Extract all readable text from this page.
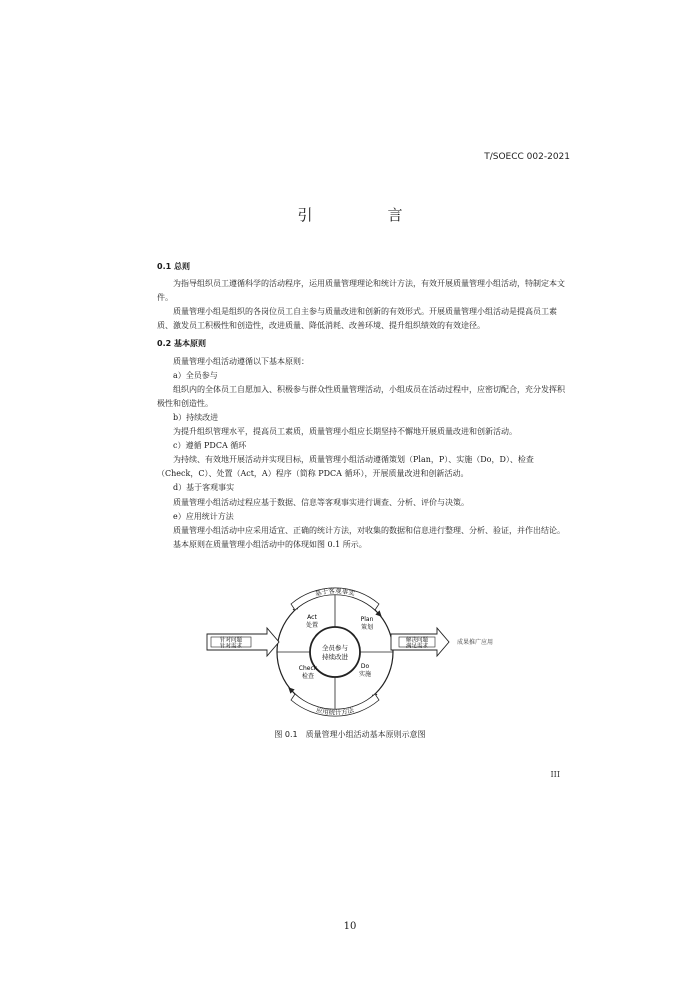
T/SOECC 002-2021
引　言

0.1 总则

为指导组织员工遵循科学的活动程序，运用质量管理理论和统计方法，有效开展质量管理小组活动，特制定本文件。

质量管理小组是组织的各岗位员工自主参与质量改进和创新的有效形式。开展质量管理小组活动是提高员工素质、激发员工积极性和创造性，改进质量、降低消耗、改善环境、提升组织绩效的有效途径。

0.2 基本原则

质量管理小组活动遵循以下基本原则：

a）全员参与

组织内的全体员工自愿加入、积极参与群众性质量管理活动，小组成员在活动过程中，应密切配合，充分发挥积极性和创造性。

b）持续改进

为提升组织管理水平，提高员工素质，质量管理小组应长期坚持不懈地开展质量改进和创新活动。

c）遵循 PDCA 循环

为持续、有效地开展活动并实现目标，质量管理小组活动遵循策划（Plan，P）、实施（Do，D）、检查（Check，C）、处置（Act，A）程序（简称 PDCA 循环），开展质量改进和创新活动。

d）基于客观事实

质量管理小组活动过程应基于数据、信息等客观事实进行调查、分析、评价与决策。

e）应用统计方法

质量管理小组活动中应采用适宜、正确的统计方法，对收集的数据和信息进行整理、分析、验证，并作出结论。

基本原则在质量管理小组活动中的体现如图 0.1 所示。

基于客观事实
应用统计方法
全员参与
持续改进
Act
处置
Plan
策划
Check
检查
Do
实施
针对问题
针对需求
解决问题
满足需求
成果推广应用
图 0.1　质量管理小组活动基本原则示意图
III
10
